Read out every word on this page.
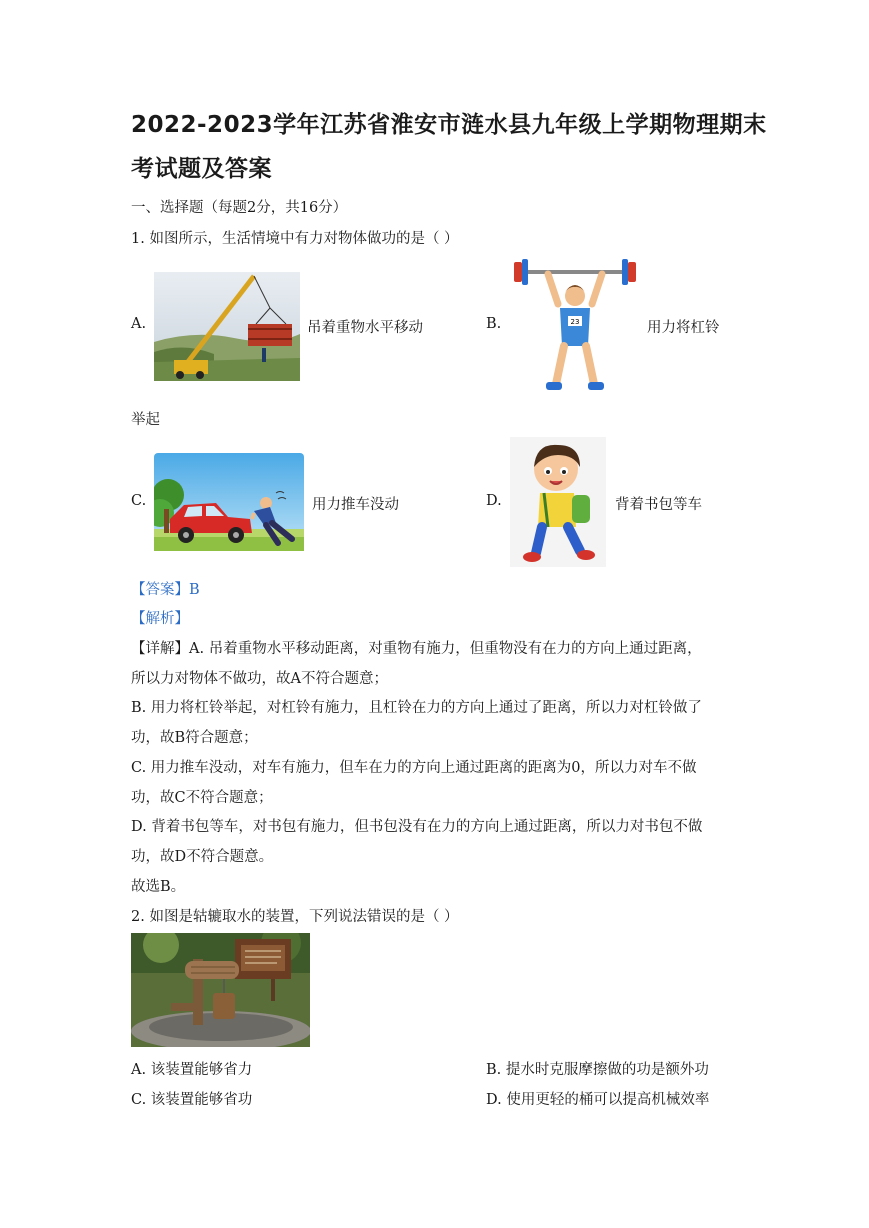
2022-2023学年江苏省淮安市涟水县九年级上学期物理期末
考试题及答案
一、选择题（每题2分，共16分）
1. 如图所示，生活情境中有力对物体做功的是（ ）
A.	吊着重物水平移动	B.	23	用力将杠铃
举起
C.	用力推车没动	D.	背着书包等车
【答案】B
【解析】
【详解】A. 吊着重物水平移动距离，对重物有施力，但重物没有在力的方向上通过距离，
所以力对物体不做功，故A不符合题意；
B. 用力将杠铃举起，对杠铃有施力，且杠铃在力的方向上通过了距离，所以力对杠铃做了
功，故B符合题意；
C. 用力推车没动，对车有施力，但车在力的方向上通过距离的距离为0，所以力对车不做
功，故C不符合题意；
D. 背着书包等车，对书包有施力，但书包没有在力的方向上通过距离，所以力对书包不做
功，故D不符合题意。
故选B。
2. 如图是轱辘取水的装置，下列说法错误的是（ ）
A. 该装置能够省力	B. 提水时克服摩擦做的功是额外功
C. 该装置能够省功	D. 使用更轻的桶可以提高机械效率
